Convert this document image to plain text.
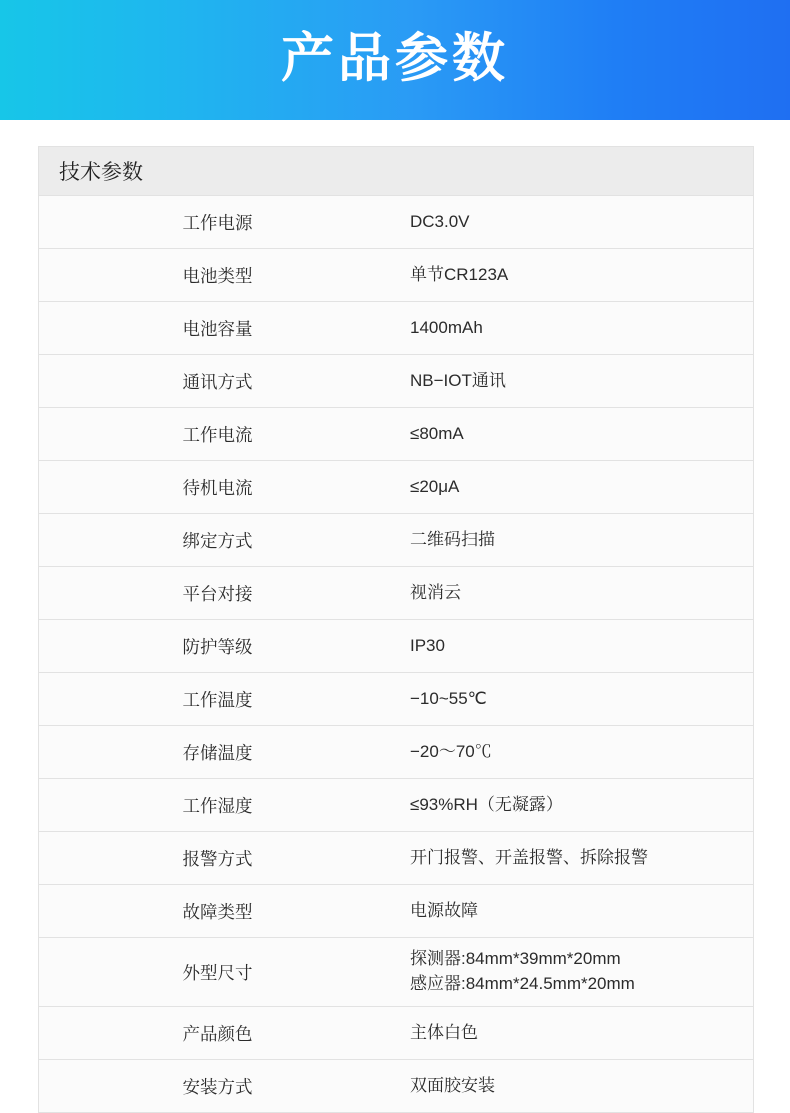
产品参数
技术参数	
工作电源	DC3.0V

电池类型	单节CR123A

电池容量	1400mAh

通讯方式	NB−IOT通讯

工作电流	≤80mA

待机电流	≤20μA

绑定方式	二维码扫描

平台对接	视消云

防护等级	IP30

工作温度	−10~55℃

存储温度	−20～70℃

工作湿度	≤93%RH（无凝露）

报警方式	开门报警、开盖报警、拆除报警

故障类型	电源故障

外型尺寸	探测器:84mm*39mm*20mm
感应器:84mm*24.5mm*20mm

产品颜色	主体白色

安装方式	双面胶安装
